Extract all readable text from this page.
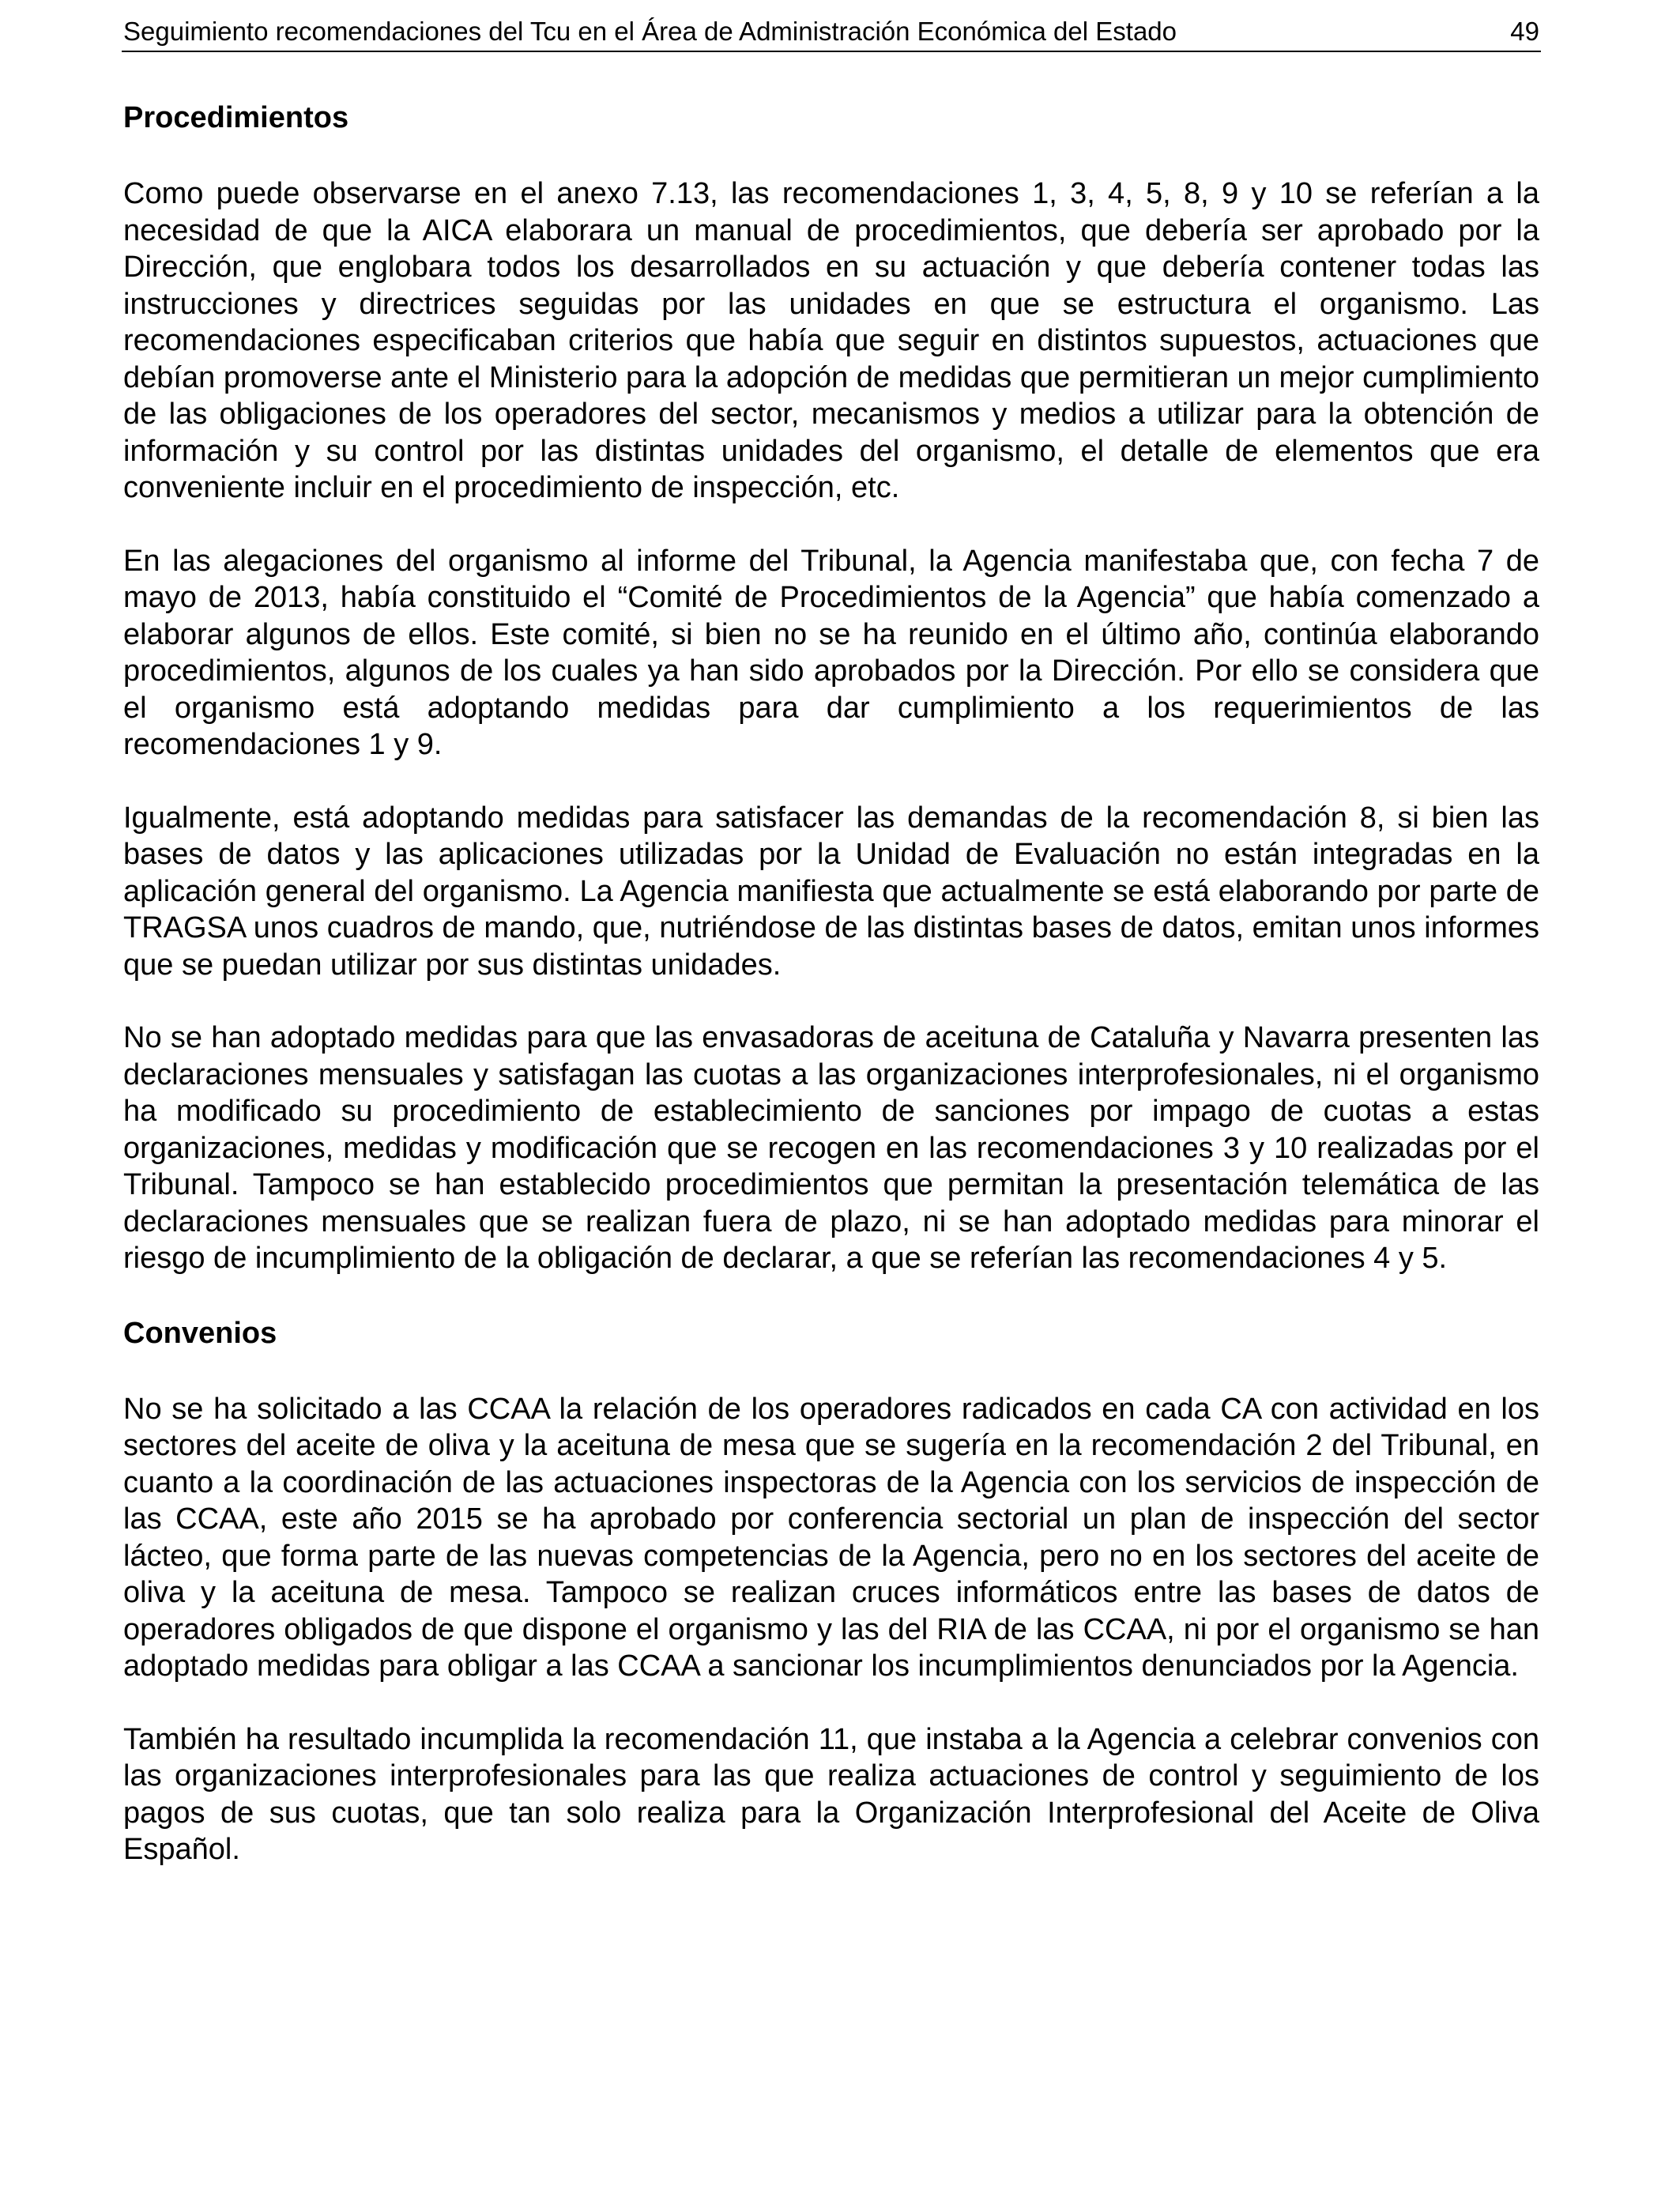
Seguimiento recomendaciones del Tcu en el Área de Administración Económica del Estado	49
Procedimientos

Como puede observarse en el anexo 7.13, las recomendaciones 1, 3, 4, 5, 8, 9 y 10 se referían a la necesidad de que la AICA elaborara un manual de procedimientos, que debería ser aprobado por la Dirección, que englobara todos los desarrollados en su actuación y que debería contener todas las instrucciones y directrices seguidas por las unidades en que se estructura el organismo. Las recomendaciones especificaban criterios que había que seguir en distintos supuestos, actuaciones que debían promoverse ante el Ministerio para la adopción de medidas que permitieran un mejor cumplimiento de las obligaciones de los operadores del sector, mecanismos y medios a utilizar para la obtención de información y su control por las distintas unidades del organismo, el detalle de elementos que era conveniente incluir en el procedimiento de inspección, etc.

En las alegaciones del organismo al informe del Tribunal, la Agencia manifestaba que, con fecha 7 de mayo de 2013, había constituido el “Comité de Procedimientos de la Agencia” que había comenzado a elaborar algunos de ellos. Este comité, si bien no se ha reunido en el último año, continúa elaborando procedimientos, algunos de los cuales ya han sido aprobados por la Dirección. Por ello se considera que el organismo está adoptando medidas para dar cumplimiento a los requerimientos de las recomendaciones 1 y 9.

Igualmente, está adoptando medidas para satisfacer las demandas de la recomendación 8, si bien las bases de datos y las aplicaciones utilizadas por la Unidad de Evaluación no están integradas en la aplicación general del organismo. La Agencia manifiesta que actualmente se está elaborando por parte de TRAGSA unos cuadros de mando, que, nutriéndose de las distintas bases de datos, emitan unos informes que se puedan utilizar por sus distintas unidades.

No se han adoptado medidas para que las envasadoras de aceituna de Cataluña y Navarra presenten las declaraciones mensuales y satisfagan las cuotas a las organizaciones interprofesionales, ni el organismo ha modificado su procedimiento de establecimiento de sanciones por impago de cuotas a estas organizaciones, medidas y modificación que se recogen en las recomendaciones 3 y 10 realizadas por el Tribunal. Tampoco se han establecido procedimientos que permitan la presentación telemática de las declaraciones mensuales que se realizan fuera de plazo, ni se han adoptado medidas para minorar el riesgo de incumplimiento de la obligación de declarar, a que se referían las recomendaciones 4 y 5.

Convenios

No se ha solicitado a las CCAA la relación de los operadores radicados en cada CA con actividad en los sectores del aceite de oliva y la aceituna de mesa que se sugería en la recomendación 2 del Tribunal, en cuanto a la coordinación de las actuaciones inspectoras de la Agencia con los servicios de inspección de las CCAA, este año 2015 se ha aprobado por conferencia sectorial un plan de inspección del sector lácteo, que forma parte de las nuevas competencias de la Agencia, pero no en los sectores del aceite de oliva y la aceituna de mesa. Tampoco se realizan cruces informáticos entre las bases de datos de operadores obligados de que dispone el organismo y las del RIA de las CCAA, ni por el organismo se han adoptado medidas para obligar a las CCAA a sancionar los incumplimientos denunciados por la Agencia.

También ha resultado incumplida la recomendación 11, que instaba a la Agencia a celebrar convenios con las organizaciones interprofesionales para las que realiza actuaciones de control y seguimiento de los pagos de sus cuotas, que tan solo realiza para la Organización Interprofesional del Aceite de Oliva Español.
